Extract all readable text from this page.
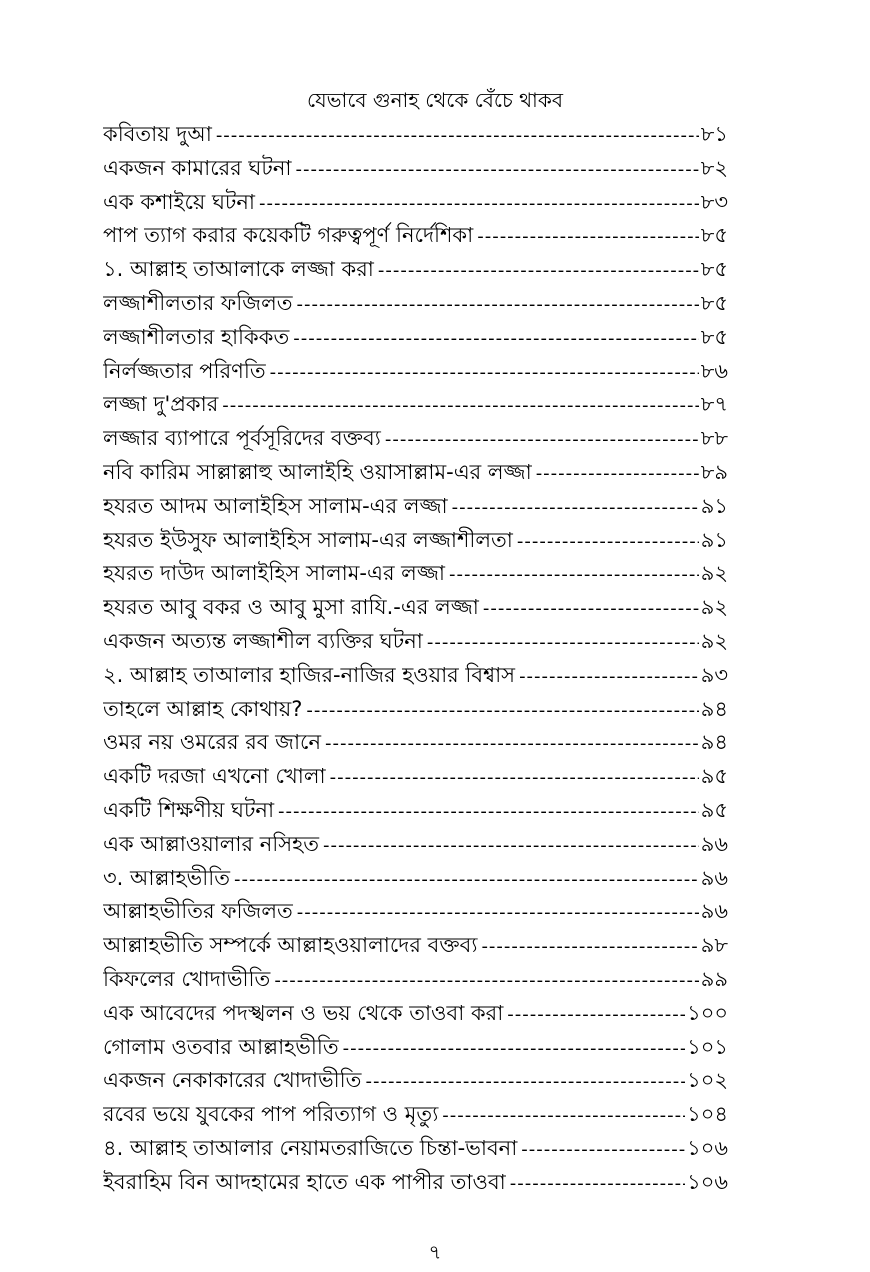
যেভাবে গুনাহ থেকে বেঁচে থাকব
কবিতায় দুআ -----	৮১
একজন কামারের ঘটনা -----	৮২
এক কশাইয়ে ঘটনা -----	৮৩
পাপ ত্যাগ করার কয়েকটি গরুত্বপূর্ণ নির্দেশিকা -----	৮৫
১. আল্লাহ তাআলাকে লজ্জা করা -----	৮৫
লজ্জাশীলতার ফজিলত -----	৮৫
লজ্জাশীলতার হাকিকত -----	৮৫
নির্লজ্জতার পরিণতি -----	৮৬
লজ্জা দু'প্রকার -----	৮৭
লজ্জার ব্যাপারে পূর্বসূরিদের বক্তব্য -----	৮৮
নবি কারিম সাল্লাল্লাহু আলাইহি ওয়াসাল্লাম-এর লজ্জা -----	৮৯
হযরত আদম আলাইহিস সালাম-এর লজ্জা -----	৯১
হযরত ইউসুফ আলাইহিস সালাম-এর লজ্জাশীলতা -----	৯১
হযরত দাউদ আলাইহিস সালাম-এর লজ্জা -----	৯২
হযরত আবু বকর ও আবু মুসা রাযি.-এর লজ্জা -----	৯২
একজন অত্যন্ত লজ্জাশীল ব্যক্তির ঘটনা -----	৯২
২. আল্লাহ তাআলার হাজির-নাজির হওয়ার বিশ্বাস -----	৯৩
তাহলে আল্লাহ কোথায়? -----	৯৪
ওমর নয় ওমরের রব জানে -----	৯৪
একটি দরজা এখনো খোলা -----	৯৫
একটি শিক্ষণীয় ঘটনা -----	৯৫
এক আল্লাওয়ালার নসিহত -----	৯৬
৩. আল্লাহভীতি -----	৯৬
আল্লাহভীতির ফজিলত -----	৯৬
আল্লাহভীতি সম্পর্কে আল্লাহওয়ালাদের বক্তব্য -----	৯৮
কিফলের খোদাভীতি -----	৯৯
এক আবেদের পদস্খলন ও ভয় থেকে তাওবা করা -----	১০০
গোলাম ওতবার আল্লাহভীতি -----	১০১
একজন নেকাকারের খোদাভীতি -----	১০২
রবের ভয়ে যুবকের পাপ পরিত্যাগ ও মৃত্যু -----	১০৪
৪. আল্লাহ তাআলার নেয়ামতরাজিতে চিন্তা-ভাবনা -----	১০৬
ইবরাহিম বিন আদহামের হাতে এক পাপীর তাওবা -----	১০৬
৭
